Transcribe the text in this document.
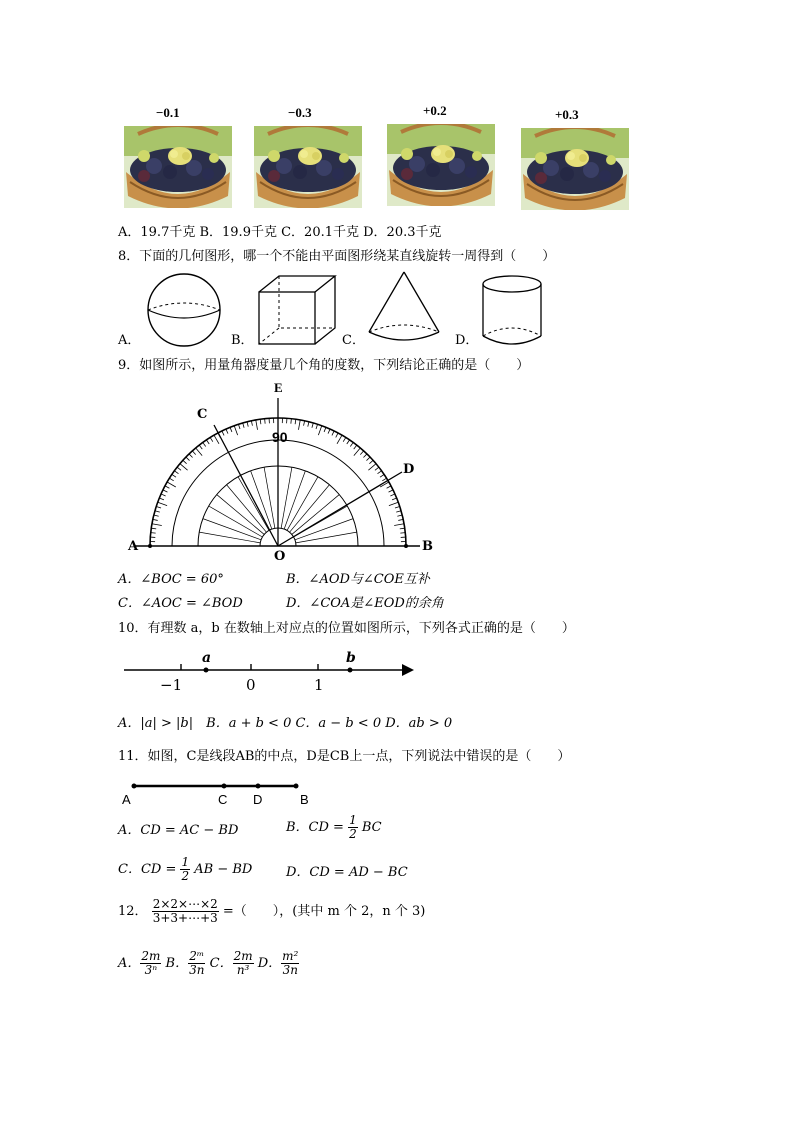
−0.1	−0.3	+0.2	+0.3
A．19.7千克 B．19.9千克 C．20.1千克 D．20.3千克
8．下面的几何图形，哪一个不能由平面图形绕某直线旋转一周得到（　　）
A．	B．	C．	D．
9．如图所示，用量角器度量几个角的度数，下列结论正确的是（　　）
90
E
C
D
A
O
B
A．∠BOC = 60°	B．∠AOD与∠COE互补
C．∠AOC = ∠BOD	D．∠COA是∠EOD的余角
10．有理数 a，b 在数轴上对应点的位置如图所示，下列各式正确的是（　　）
a	b
−1	0	1
A．|a| > |b|　B．a + b < 0 C．a − b < 0 D．ab > 0
11．如图，C是线段AB的中点，D是CB上一点，下列说法中错误的是（　　）
A	C D	B
A．CD = AC − BD	B．CD = $\frac{1}{2}$ BC
C．CD = $\frac{1}{2}$ AB − BD	D．CD = AD − BC
12． $\frac{2\times 2\times\cdots\times 2}{3+3+\cdots+3}$ =（　　），(其中 m 个 2，n 个 3)
A． $\frac{2m}{\text{3ⁿ}}$ B． $\frac{\text{2ᵐ}}{3n}$ C． $\frac{2m}{\text{n³}}$ D． $\frac{\text{m²}}{3n}$
